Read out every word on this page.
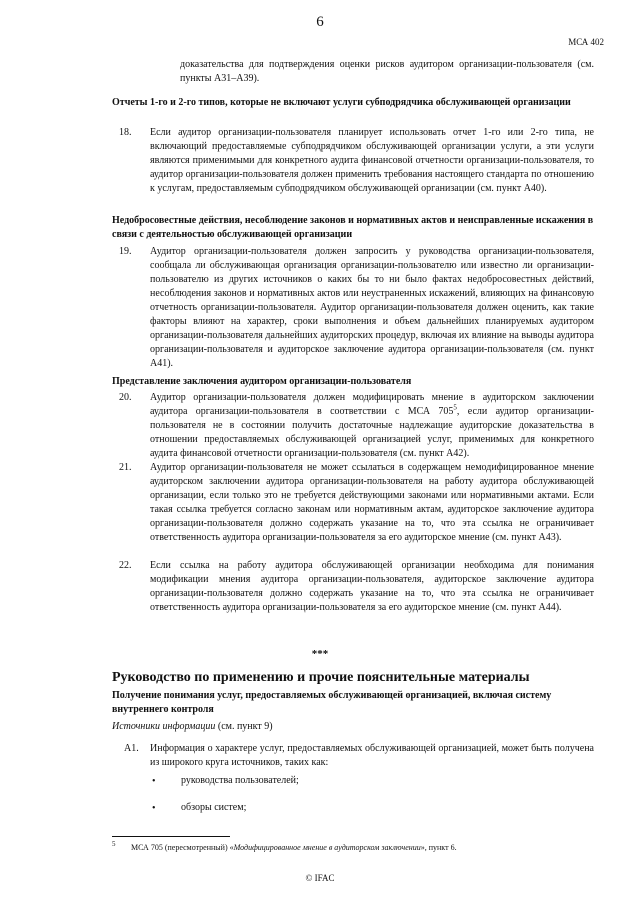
6
МСА 402
доказательства для подтверждения оценки рисков аудитором организации-пользователя (см. пункты А31–А39).
Отчеты 1-го и 2-го типов, которые не включают услуги субподрядчика обслуживающей организации
18. Если аудитор организации-пользователя планирует использовать отчет 1-го или 2-го типа, не включающий предоставляемые субподрядчиком обслуживающей организации услуги, а эти услуги являются применимыми для конкретного аудита финансовой отчетности организации-пользователя, то аудитор организации-пользователя должен применить требования настоящего стандарта по отношению к услугам, предоставляемым субподрядчиком обслуживающей организации (см. пункт А40).
Недобросовестные действия, несоблюдение законов и нормативных актов и неисправленные искажения в связи с деятельностью обслуживающей организации
19. Аудитор организации-пользователя должен запросить у руководства организации-пользователя, сообщала ли обслуживающая организация организации-пользователю или известно ли организации-пользователю из других источников о каких бы то ни было фактах недобросовестных действий, несоблюдения законов и нормативных актов или неустраненных искажений, влияющих на финансовую отчетность организации-пользователя. Аудитор организации-пользователя должен оценить, как такие факторы влияют на характер, сроки выполнения и объем дальнейших планируемых аудитором организации-пользователя дальнейших аудиторских процедур, включая их влияние на выводы аудитора организации-пользователя и аудиторское заключение аудитора организации-пользователя (см. пункт А41).
Представление заключения аудитором организации-пользователя
20. Аудитор организации-пользователя должен модифицировать мнение в аудиторском заключении аудитора организации-пользователя в соответствии с МСА $705^5$, если аудитор организации-пользователя не в состоянии получить достаточные надлежащие аудиторские доказательства в отношении предоставляемых обслуживающей организацией услуг, применимых для конкретного аудита финансовой отчетности организации-пользователя (см. пункт А42).
21. Аудитор организации-пользователя не может ссылаться в содержащем немодифицированное мнение аудиторском заключении аудитора организации-пользователя на работу аудитора обслуживающей организации, если только это не требуется действующими законами или нормативными актами. Если такая ссылка требуется согласно законам или нормативным актам, аудиторское заключение аудитора организации-пользователя должно содержать указание на то, что эта ссылка не ограничивает ответственность аудитора организации-пользователя за его аудиторское мнение (см. пункт А43).
22. Если ссылка на работу аудитора обслуживающей организации необходима для понимания модификации мнения аудитора организации-пользователя, аудиторское заключение аудитора организации-пользователя должно содержать указание на то, что эта ссылка не ограничивает ответственность аудитора организации-пользователя за его аудиторское мнение (см. пункт А44).
***
Руководство по применению и прочие пояснительные материалы
Получение понимания услуг, предоставляемых обслуживающей организацией, включая систему внутреннего контроля
Источники информации (см. пункт 9)
А1. Информация о характере услуг, предоставляемых обслуживающей организацией, может быть получена из широкого круга источников, таких как:
•	руководства пользователей;
•	обзоры систем;
5 МСА 705 (пересмотренный) «Модифицированное мнение в аудиторском заключении», пункт 6.
© IFAC
